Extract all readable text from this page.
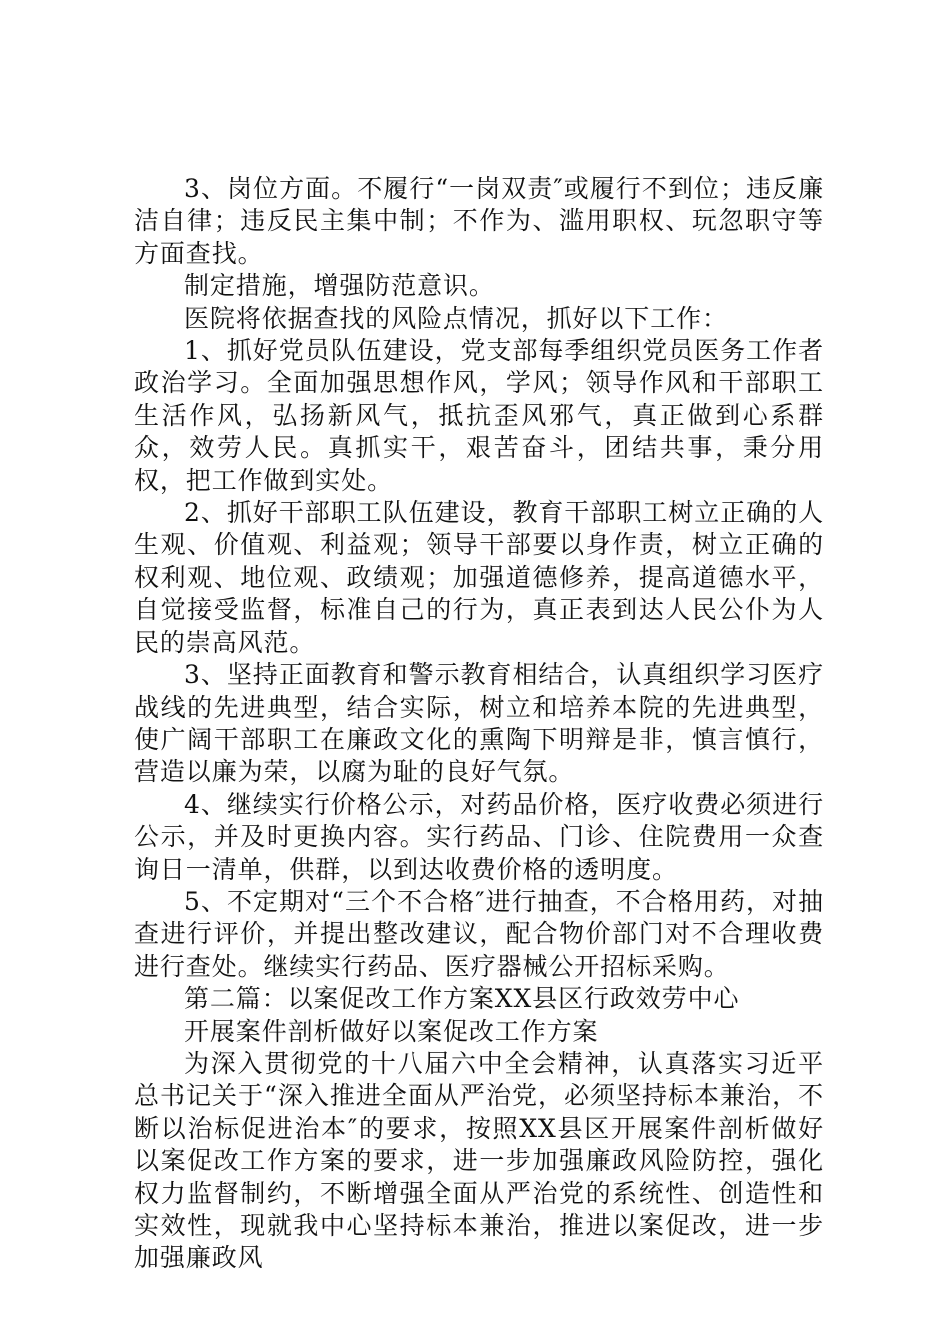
3、岗位方面。不履行“一岗双责″或履行不到位；违反廉洁自律；违反民主集中制；不作为、滥用职权、玩忽职守等方面查找。

制定措施，增强防范意识。

医院将依据查找的风险点情况，抓好以下工作：

1、抓好党员队伍建设，党支部每季组织党员医务工作者政治学习。全面加强思想作风，学风；领导作风和干部职工生活作风，弘扬新风气，抵抗歪风邪气，真正做到心系群众，效劳人民。真抓实干，艰苦奋斗，团结共事，秉分用权，把工作做到实处。

2、抓好干部职工队伍建设，教育干部职工树立正确的人生观、价值观、利益观；领导干部要以身作责，树立正确的权利观、地位观、政绩观；加强道德修养，提高道德水平，自觉接受监督，标准自己的行为，真正表到达人民公仆为人民的崇高风范。

3、坚持正面教育和警示教育相结合，认真组织学习医疗战线的先进典型，结合实际，树立和培养本院的先进典型，使广阔干部职工在廉政文化的熏陶下明辩是非，慎言慎行，营造以廉为荣，以腐为耻的良好气氛。

4、继续实行价格公示，对药品价格，医疗收费必须进行公示，并及时更换内容。实行药品、门诊、住院费用一众查询日一清单，供群，以到达收费价格的透明度。

5、不定期对“三个不合格″进行抽查，不合格用药，对抽查进行评价，并提出整改建议，配合物价部门对不合理收费进行查处。继续实行药品、医疗器械公开招标采购。

第二篇：以案促改工作方案XX县区行政效劳中心

开展案件剖析做好以案促改工作方案

为深入贯彻党的十八届六中全会精神，认真落实习近平总书记关于“深入推进全面从严治党，必须坚持标本兼治，不断以治标促进治本″的要求，按照XX县区开展案件剖析做好以案促改工作方案的要求，进一步加强廉政风险防控，强化权力监督制约，不断增强全面从严治党的系统性、创造性和实效性，现就我中心坚持标本兼治，推进以案促改，进一步加强廉政风
